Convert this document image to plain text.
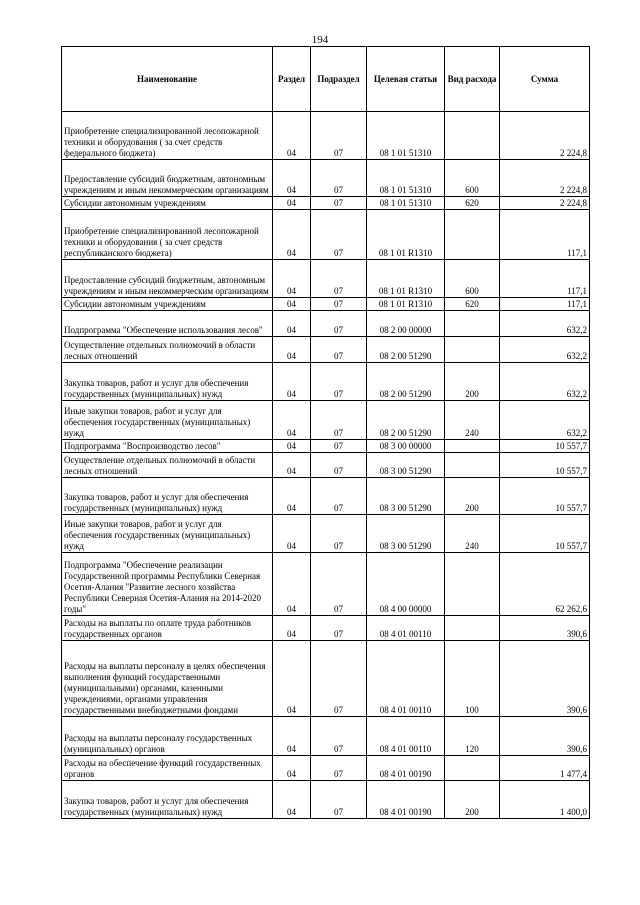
194
Наименование	Раздел	Подраздел	Целевая статья	Вид расхода	Сумма
Приобретение специализированной лесопожарной техники и оборудования ( за счет средств федерального бюджета)	04	07	08 1 01 51310		2 224,8
Предоставление субсидий бюджетным, автономным учреждениям и иным некоммерческим организациям	04	07	08 1 01 51310	600	2 224,8
Субсидии автономным учреждениям	04	07	08 1 01 51310	620	2 224,8
Приобретение специализированной лесопожарной техники и оборудования ( за счет средств республиканского бюджета)	04	07	08 1 01 R1310		117,1
Предоставление субсидий бюджетным, автономным учреждениям и иным некоммерческим организациям	04	07	08 1 01 R1310	600	117,1
Субсидии автономным учреждениям	04	07	08 1 01 R1310	620	117,1
Подпрограмма "Обеспечение использования лесов"	04	07	08 2 00 00000		632,2
Осуществление отдельных полномочий в области лесных отношений	04	07	08 2 00 51290		632,2
Закупка товаров, работ и услуг для обеспечения государственных (муниципальных) нужд	04	07	08 2 00 51290	200	632,2
Иные закупки товаров, работ и услуг для обеспечения государственных (муниципальных) нужд	04	07	08 2 00 51290	240	632,2
Подпрограмма "Воспроизводство лесов"	04	07	08 3 00 00000		10 557,7
Осуществление отдельных полномочий в области лесных отношений	04	07	08 3 00 51290		10 557,7
Закупка товаров, работ и услуг для обеспечения государственных (муниципальных) нужд	04	07	08 3 00 51290	200	10 557,7
Иные закупки товаров, работ и услуг для обеспечения государственных (муниципальных) нужд	04	07	08 3 00 51290	240	10 557,7
Подпрограмма "Обеспечение реализации Государственной программы Республики Северная Осетия-Алания "Развитие лесного хозяйства Республики Северная Осетия-Алания на 2014-2020 годы"	04	07	08 4 00 00000		62 262,6
Расходы на выплаты по оплате труда работников государственных органов	04	07	08 4 01 00110		390,6
Расходы на выплаты персоналу в целях обеспечения выполнения функций государственными (муниципальными) органами, казенными учреждениями, органами управления государственными внебюджетными фондами	04	07	08 4 01 00110	100	390,6
Расходы на выплаты персоналу государственных (муниципальных) органов	04	07	08 4 01 00110	120	390,6
Расходы на обеспечение функций государственных органов	04	07	08 4 01 00190		1 477,4
Закупка товаров, работ и услуг для обеспечения государственных (муниципальных) нужд	04	07	08 4 01 00190	200	1 400,0
